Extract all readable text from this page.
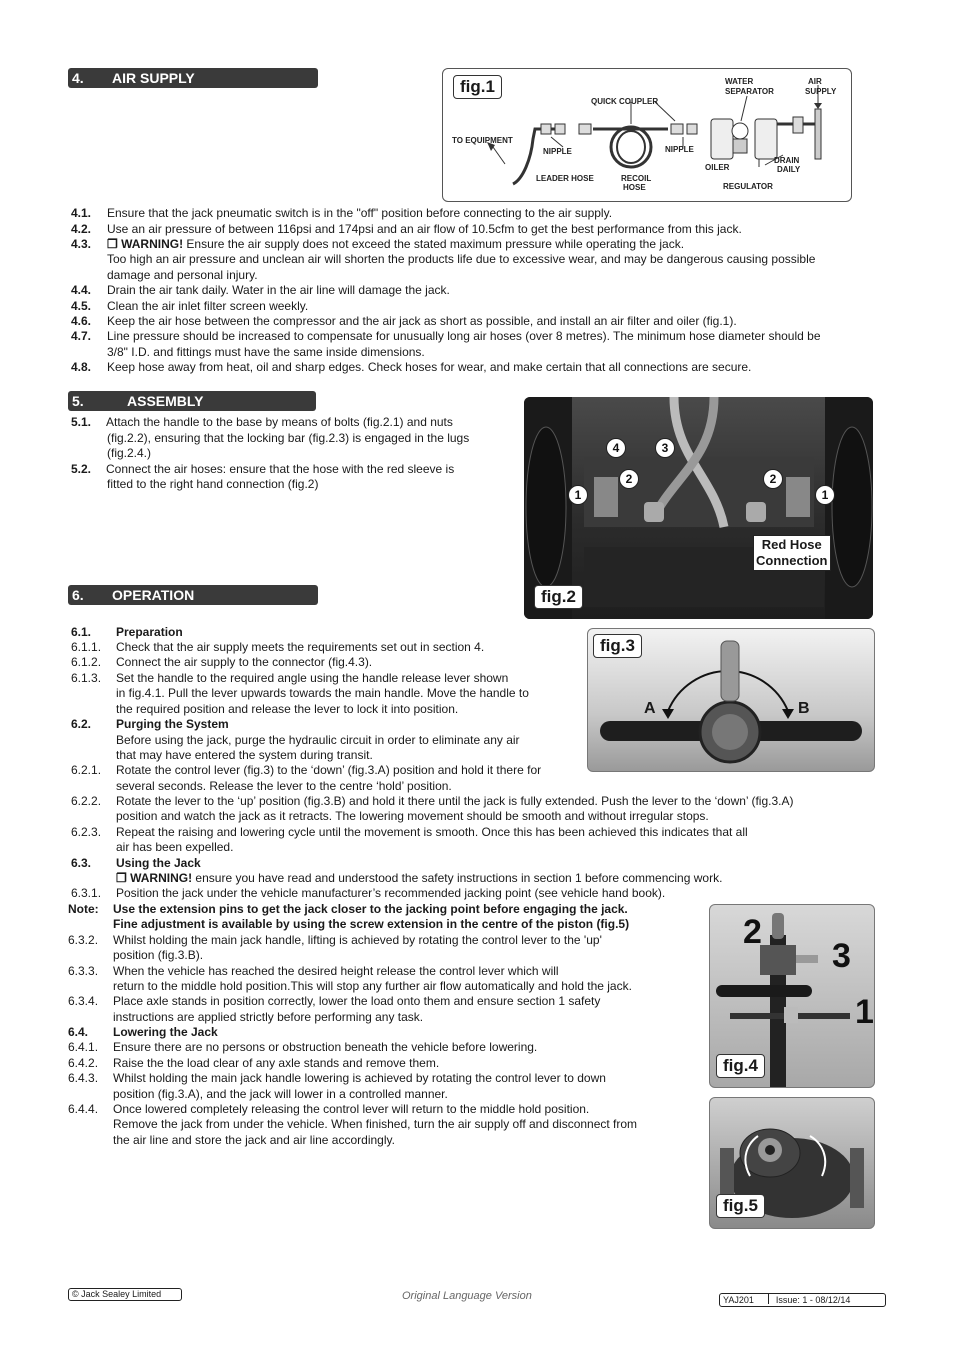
4. AIR SUPPLY	fig.1	WATER
SEPARATOR
AIR
SUPPLY
QUICK COUPLER
TO EQUIPMENT
NIPPLE	NIPPLE
OILER
DRAIN
DAILY
LEADER HOSE	RECOIL
HOSE	REGULATOR
4.1. Ensure that the jack pneumatic switch is in the "off" position before connecting to the air supply.
4.2. Use an air pressure of between 116psi and 174psi and an air flow of 10.5cfm to get the best performance from this jack.
4.3. ❐ WARNING! Ensure the air supply does not exceed the stated maximum pressure while operating the jack.
Too high an air pressure and unclean air will shorten the products life due to excessive wear, and may be dangerous causing possible
damage and personal injury.
4.4. Drain the air tank daily. Water in the air line will damage the jack.
4.5. Clean the air inlet filter screen weekly.
4.6. Keep the air hose between the compressor and the air jack as short as possible, and install an air filter and oiler (fig.1).
4.7. Line pressure should be increased to compensate for unusually long air hoses (over 8 metres). The minimum hose diameter should be
3/8" I.D. and fittings must have the same inside dimensions.
4.8. Keep hose away from heat, oil and sharp edges. Check hoses for wear, and make certain that all connections are secure.
5.	ASSEMBLY
5.1. Attach the handle to the base by means of bolts (fig.2.1) and nuts
(fig.2.2), ensuring that the locking bar (fig.2.3) is engaged in the lugs
(fig.2.4.)
5.2. Connect the air hoses: ensure that the hose with the red sleeve is
fitted to the right hand connection (fig.2)
4	3
2	2
1	1
Red Hose
Connection
fig.2
6. OPERATION
A	B
fig.3
6.1. Preparation
6.1.1. Check that the air supply meets the requirements set out in section 4.
6.1.2. Connect the air supply to the connector (fig.4.3).
6.1.3. Set the handle to the required angle using the handle release lever shown
in fig.4.1. Pull the lever upwards towards the main handle. Move the handle to
the required position and release the lever to lock it into position.
6.2. Purging the System
Before using the jack, purge the hydraulic circuit in order to eliminate any air
that may have entered the system during transit.
6.2.1. Rotate the control lever (fig.3) to the ‘down’ (fig.3.A) position and hold it there for
several seconds. Release the lever to the centre ‘hold’ position.
6.2.2. Rotate the lever to the ‘up’ position (fig.3.B) and hold it there until the jack is fully extended. Push the lever to the ‘down’ (fig.3.A)
position and watch the jack as it retracts. The lowering movement should be smooth and without irregular stops.
6.2.3. Repeat the raising and lowering cycle until the movement is smooth. Once this has been achieved this indicates that all
air has been expelled.
6.3. Using the Jack
❐ WARNING! ensure you have read and understood the safety instructions in section 1 before commencing work.
6.3.1. Position the jack under the vehicle manufacturer’s recommended jacking point (see vehicle hand book).
Note: Use the extension pins to get the jack closer to the jacking point before engaging the jack.
Fine adjustment is available by using the screw extension in the centre of the piston (fig.5)
6.3.2. Whilst holding the main jack handle, lifting is achieved by rotating the control lever to the 'up'
position (fig.3.B).
6.3.3. When the vehicle has reached the desired height release the control lever which will
return to the middle hold position.This will stop any further air flow automatically and hold the jack.
6.3.4. Place axle stands in position correctly, lower the load onto them and ensure section 1 safety
instructions are applied strictly before performing any task.
6.4. Lowering the Jack
6.4.1. Ensure there are no persons or obstruction beneath the vehicle before lowering.
6.4.2. Raise the the load clear of any axle stands and remove them.
6.4.3. Whilst holding the main jack handle lowering is achieved by rotating the control lever to down
position (fig.3.A), and the jack will lower in a controlled manner.
6.4.4. Once lowered completely releasing the control lever will return to the middle hold position.
Remove the jack from under the vehicle. When finished, turn the air supply off and disconnect from
the air line and store the jack and air line accordingly.
2
3
1
fig.4
fig.5
© Jack Sealey Limited	Original Language Version	YAJ201 Issue: 1 - 08/12/14
